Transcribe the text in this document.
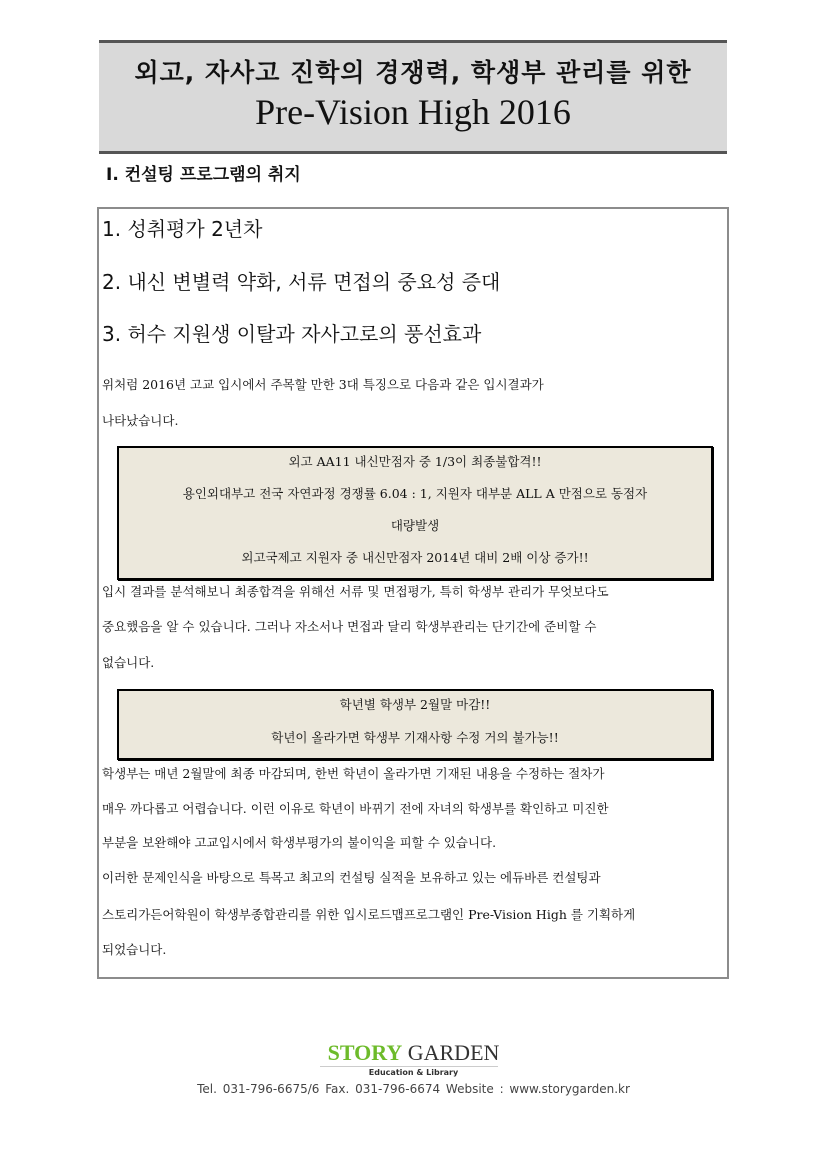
외고, 자사고 진학의 경쟁력, 학생부 관리를 위한
Pre-Vision High 2016
Ⅰ. 컨설팅 프로그램의 취지
1. 성취평가 2년차
2. 내신 변별력 약화, 서류 면접의 중요성 증대
3. 허수 지원생 이탈과 자사고로의 풍선효과
위처럼 2016년 고교 입시에서 주목할 만한 3대 특징으로 다음과 같은 입시결과가
나타났습니다.
외고 AA11 내신만점자 중 1/3이 최종불합격!!
용인외대부고 전국 자연과정 경쟁률 6.04 : 1, 지원자 대부분 ALL A 만점으로 동점자
대량발생
외고국제고 지원자 중 내신만점자 2014년 대비 2배 이상 증가!!
입시 결과를 분석해보니 최종합격을 위해선 서류 및 면접평가, 특히 학생부 관리가 무엇보다도
중요했음을 알 수 있습니다. 그러나 자소서나 면접과 달리 학생부관리는 단기간에 준비할 수
없습니다.
학년별 학생부 2월말 마감!!
학년이 올라가면 학생부 기재사항 수정 거의 불가능!!
학생부는 매년 2월말에 최종 마감되며, 한번 학년이 올라가면 기재된 내용을 수정하는 절차가
매우 까다롭고 어렵습니다. 이런 이유로 학년이 바뀌기 전에 자녀의 학생부를 확인하고 미진한
부분을 보완해야 고교입시에서 학생부평가의 불이익을 피할 수 있습니다.
이러한 문제인식을 바탕으로 특목고 최고의 컨설팅 실적을 보유하고 있는 에듀바른 컨설팅과
스토리가든어학원이 학생부종합관리를 위한 입시로드맵프로그램인 Pre-Vision High 를 기획하게
되었습니다.
STORY GARDEN
Education & Library
Tel. 031-796-6675/6 Fax. 031-796-6674 Website : www.storygarden.kr
